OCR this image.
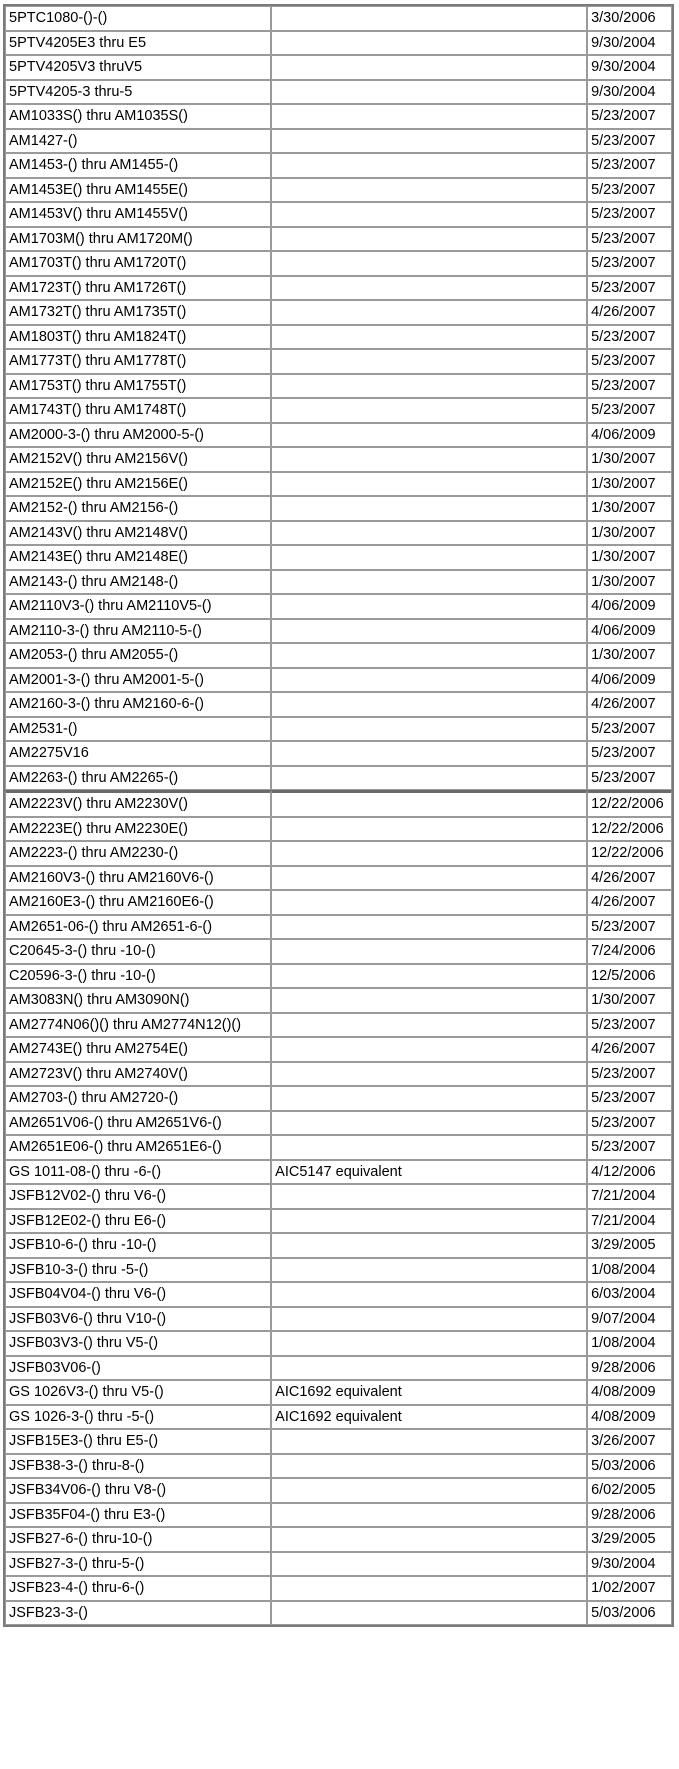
5PTC1080-()-()		3/30/2006
5PTV4205E3 thru E5		9/30/2004
5PTV4205V3 thruV5		9/30/2004
5PTV4205-3 thru-5		9/30/2004
AM1033S() thru AM1035S()		5/23/2007
AM1427-()		5/23/2007
AM1453-() thru AM1455-()		5/23/2007
AM1453E() thru AM1455E()		5/23/2007
AM1453V() thru AM1455V()		5/23/2007
AM1703M() thru AM1720M()		5/23/2007
AM1703T() thru AM1720T()		5/23/2007
AM1723T() thru AM1726T()		5/23/2007
AM1732T() thru AM1735T()		4/26/2007
AM1803T() thru AM1824T()		5/23/2007
AM1773T() thru AM1778T()		5/23/2007
AM1753T() thru AM1755T()		5/23/2007
AM1743T() thru AM1748T()		5/23/2007
AM2000-3-() thru AM2000-5-()		4/06/2009
AM2152V() thru AM2156V()		1/30/2007
AM2152E() thru AM2156E()		1/30/2007
AM2152-() thru AM2156-()		1/30/2007
AM2143V() thru AM2148V()		1/30/2007
AM2143E() thru AM2148E()		1/30/2007
AM2143-() thru AM2148-()		1/30/2007
AM2110V3-() thru AM2110V5-()		4/06/2009
AM2110-3-() thru AM2110-5-()		4/06/2009
AM2053-() thru AM2055-()		1/30/2007
AM2001-3-() thru AM2001-5-()		4/06/2009
AM2160-3-() thru AM2160-6-()		4/26/2007
AM2531-()		5/23/2007
AM2275V16		5/23/2007
AM2263-() thru AM2265-()		5/23/2007
AM2223V() thru AM2230V()		12/22/2006
AM2223E() thru AM2230E()		12/22/2006
AM2223-() thru AM2230-()		12/22/2006
AM2160V3-() thru AM2160V6-()		4/26/2007
AM2160E3-() thru AM2160E6-()		4/26/2007
AM2651-06-() thru AM2651-6-()		5/23/2007
C20645-3-() thru -10-()		7/24/2006
C20596-3-() thru -10-()		12/5/2006
AM3083N() thru AM3090N()		1/30/2007
AM2774N06()() thru AM2774N12()()		5/23/2007
AM2743E() thru AM2754E()		4/26/2007
AM2723V() thru AM2740V()		5/23/2007
AM2703-() thru AM2720-()		5/23/2007
AM2651V06-() thru AM2651V6-()		5/23/2007
AM2651E06-() thru AM2651E6-()		5/23/2007
GS 1011-08-() thru -6-()	AIC5147 equivalent	4/12/2006
JSFB12V02-() thru V6-()		7/21/2004
JSFB12E02-() thru E6-()		7/21/2004
JSFB10-6-() thru -10-()		3/29/2005
JSFB10-3-() thru -5-()		1/08/2004
JSFB04V04-() thru V6-()		6/03/2004
JSFB03V6-() thru V10-()		9/07/2004
JSFB03V3-() thru V5-()		1/08/2004
JSFB03V06-()		9/28/2006
GS 1026V3-() thru V5-()	AIC1692 equivalent	4/08/2009
GS 1026-3-() thru -5-()	AIC1692 equivalent	4/08/2009
JSFB15E3-() thru E5-()		3/26/2007
JSFB38-3-() thru-8-()		5/03/2006
JSFB34V06-() thru V8-()		6/02/2005
JSFB35F04-() thru E3-()		9/28/2006
JSFB27-6-() thru-10-()		3/29/2005
JSFB27-3-() thru-5-()		9/30/2004
JSFB23-4-() thru-6-()		1/02/2007
JSFB23-3-()		5/03/2006
